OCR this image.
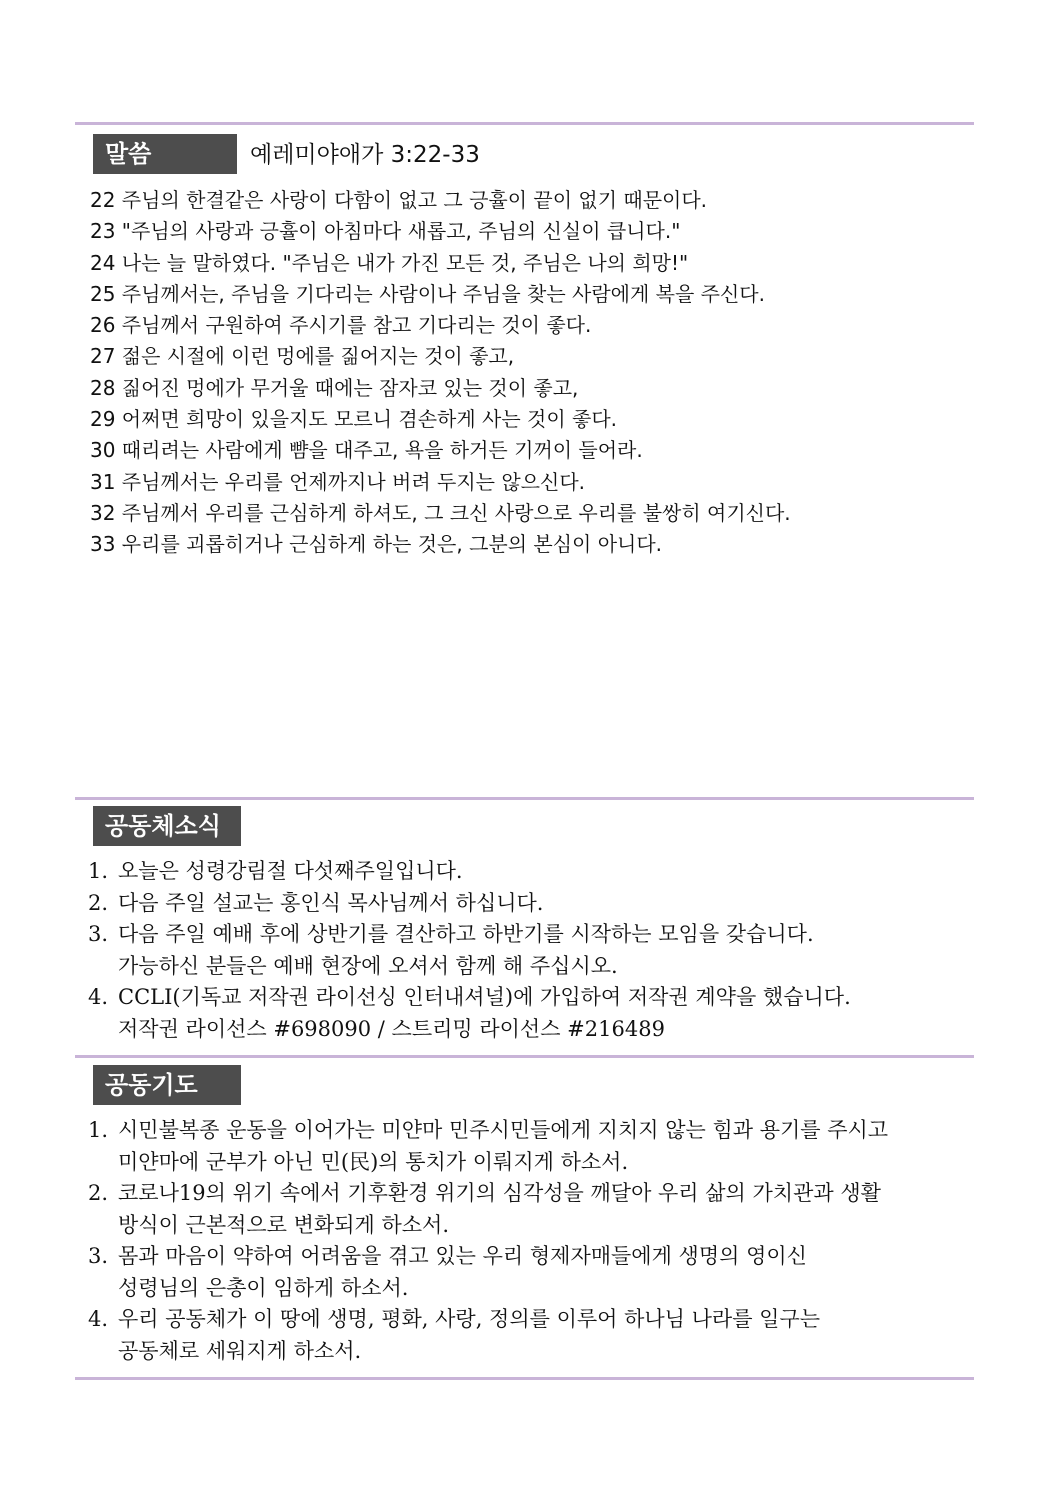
말씀	예레미야애가 3:22-33
22 주님의 한결같은 사랑이 다함이 없고 그 긍휼이 끝이 없기 때문이다.
23 "주님의 사랑과 긍휼이 아침마다 새롭고, 주님의 신실이 큽니다."
24 나는 늘 말하였다. "주님은 내가 가진 모든 것, 주님은 나의 희망!"
25 주님께서는, 주님을 기다리는 사람이나 주님을 찾는 사람에게 복을 주신다.
26 주님께서 구원하여 주시기를 참고 기다리는 것이 좋다.
27 젊은 시절에 이런 멍에를 짊어지는 것이 좋고,
28 짊어진 멍에가 무거울 때에는 잠자코 있는 것이 좋고,
29 어쩌면 희망이 있을지도 모르니 겸손하게 사는 것이 좋다.
30 때리려는 사람에게 뺨을 대주고, 욕을 하거든 기꺼이 들어라.
31 주님께서는 우리를 언제까지나 버려 두지는 않으신다.
32 주님께서 우리를 근심하게 하셔도, 그 크신 사랑으로 우리를 불쌍히 여기신다.
33 우리를 괴롭히거나 근심하게 하는 것은, 그분의 본심이 아니다.
공동체소식
1. 오늘은 성령강림절 다섯째주일입니다.
2. 다음 주일 설교는 홍인식 목사님께서 하십니다.
3. 다음 주일 예배 후에 상반기를 결산하고 하반기를 시작하는 모임을 갖습니다.
가능하신 분들은 예배 현장에 오셔서 함께 해 주십시오.
4. CCLI(기독교 저작권 라이선싱 인터내셔널)에 가입하여 저작권 계약을 했습니다.
저작권 라이선스 #698090 / 스트리밍 라이선스 #216489
공동기도
1. 시민불복종 운동을 이어가는 미얀마 민주시민들에게 지치지 않는 힘과 용기를 주시고
미얀마에 군부가 아닌 민(民)의 통치가 이뤄지게 하소서.
2. 코로나19의 위기 속에서 기후환경 위기의 심각성을 깨달아 우리 삶의 가치관과 생활
방식이 근본적으로 변화되게 하소서.
3. 몸과 마음이 약하여 어려움을 겪고 있는 우리 형제자매들에게 생명의 영이신
성령님의 은총이 임하게 하소서.
4. 우리 공동체가 이 땅에 생명, 평화, 사랑, 정의를 이루어 하나님 나라를 일구는
공동체로 세워지게 하소서.
